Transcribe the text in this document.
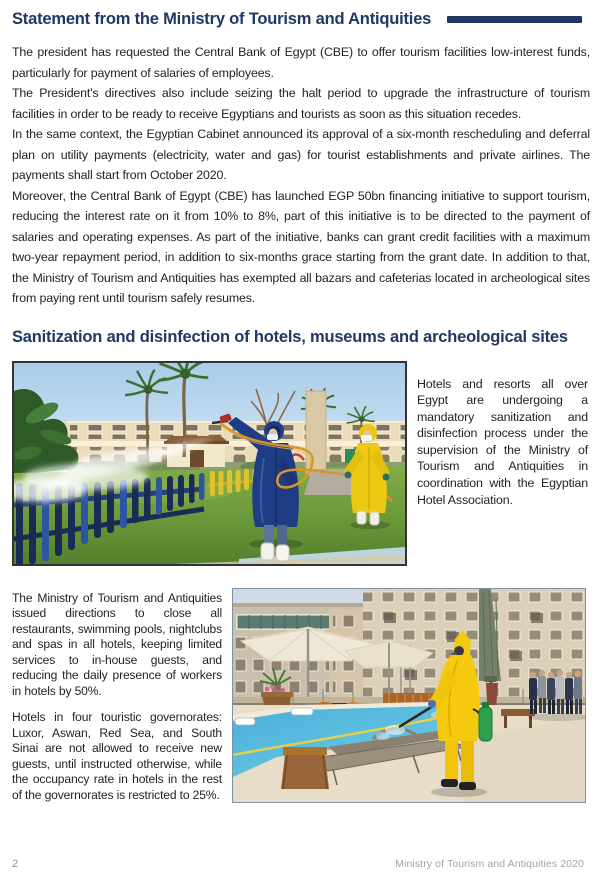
Statement from the Ministry of Tourism and Antiquities

The president has requested the Central Bank of Egypt (CBE) to offer tourism facilities low-interest funds, particularly for payment of salaries of employees.

The President's directives also include seizing the halt period to upgrade the infrastructure of tourism facilities in order to be ready to receive Egyptians and tourists as soon as this situation recedes.

In the same context, the Egyptian Cabinet announced its approval of a six-month rescheduling and deferral plan on utility payments (electricity, water and gas) for tourist establishments and private airlines. The payments shall start from October 2020.

Moreover, the Central Bank of Egypt (CBE) has launched EGP 50bn financing initiative to support tourism, reducing the interest rate on it from 10% to 8%, part of this initiative is to be directed to the payment of salaries and operating expenses. As part of the initiative, banks can grant credit facilities with a maximum two-year repayment period, in addition to six-months grace starting from the grant date. In addition to that, the Ministry of Tourism and Antiquities has exempted all bazars and cafeterias located in archeological sites from paying rent until tourism safely resumes.

Sanitization and disinfection of hotels, museums and archeological sites
Hotels and resorts all over Egypt are undergoing a mandatory sanitization and disinfection process under the supervision of the Ministry of Tourism and Antiquities in coordination with the Egyptian Hotel Association.

The Ministry of Tourism and Antiquities issued directions to close all restaurants, swimming pools, nightclubs and spas in all hotels, keeping limited services to in-house guests, and reducing the daily presence of workers in hotels by 50%.

Hotels in four touristic governorates: Luxor, Aswan, Red Sea, and South Sinai are not allowed to receive new guests, until instructed otherwise, while the occupancy rate in hotels in the rest of the governorates is restricted to 25%.

2	Ministry of Tourism and Antiquities 2020
